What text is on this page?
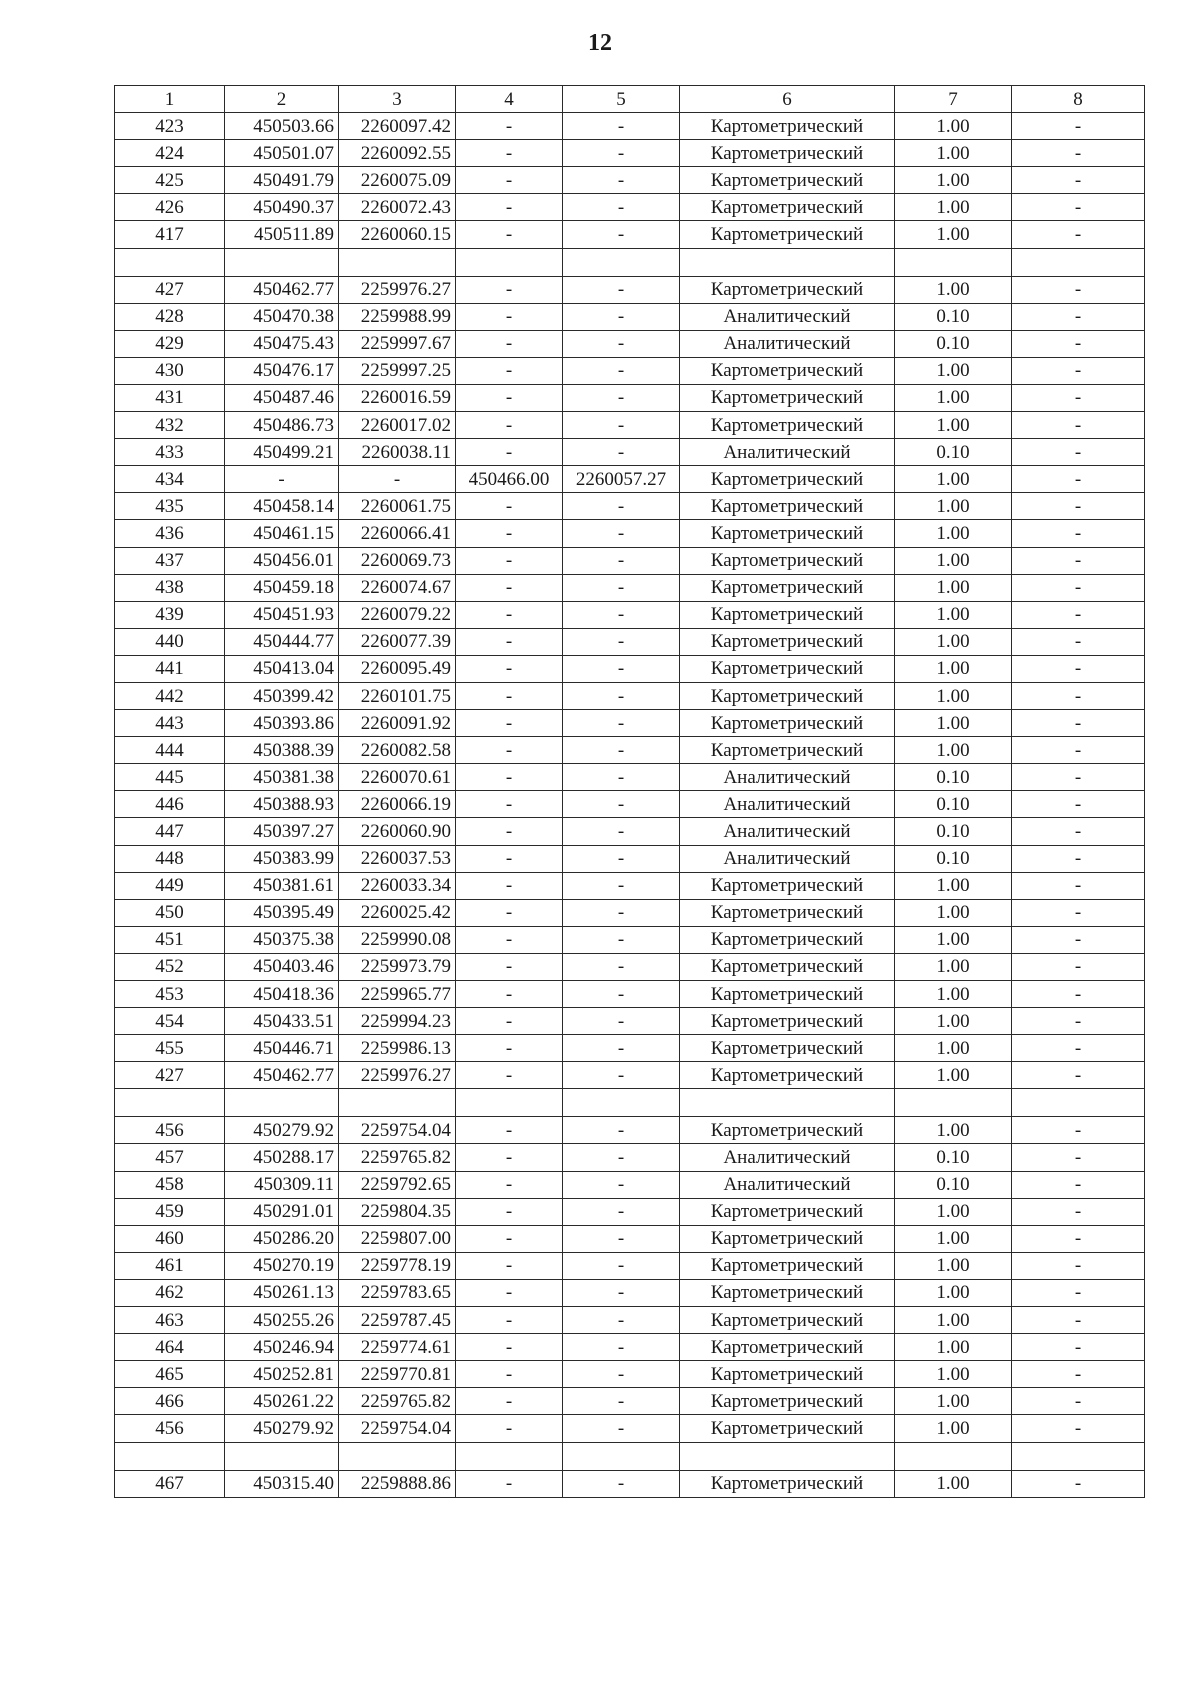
12
1	2	3	4	5	6	7	8
423	450503.66	2260097.42	-	-	Картометрический	1.00	-
424	450501.07	2260092.55	-	-	Картометрический	1.00	-
425	450491.79	2260075.09	-	-	Картометрический	1.00	-
426	450490.37	2260072.43	-	-	Картометрический	1.00	-
417	450511.89	2260060.15	-	-	Картометрический	1.00	-

427	450462.77	2259976.27	-	-	Картометрический	1.00	-
428	450470.38	2259988.99	-	-	Аналитический	0.10	-
429	450475.43	2259997.67	-	-	Аналитический	0.10	-
430	450476.17	2259997.25	-	-	Картометрический	1.00	-
431	450487.46	2260016.59	-	-	Картометрический	1.00	-
432	450486.73	2260017.02	-	-	Картометрический	1.00	-
433	450499.21	2260038.11	-	-	Аналитический	0.10	-
434	-	-	450466.00	2260057.27	Картометрический	1.00	-
435	450458.14	2260061.75	-	-	Картометрический	1.00	-
436	450461.15	2260066.41	-	-	Картометрический	1.00	-
437	450456.01	2260069.73	-	-	Картометрический	1.00	-
438	450459.18	2260074.67	-	-	Картометрический	1.00	-
439	450451.93	2260079.22	-	-	Картометрический	1.00	-
440	450444.77	2260077.39	-	-	Картометрический	1.00	-
441	450413.04	2260095.49	-	-	Картометрический	1.00	-
442	450399.42	2260101.75	-	-	Картометрический	1.00	-
443	450393.86	2260091.92	-	-	Картометрический	1.00	-
444	450388.39	2260082.58	-	-	Картометрический	1.00	-
445	450381.38	2260070.61	-	-	Аналитический	0.10	-
446	450388.93	2260066.19	-	-	Аналитический	0.10	-
447	450397.27	2260060.90	-	-	Аналитический	0.10	-
448	450383.99	2260037.53	-	-	Аналитический	0.10	-
449	450381.61	2260033.34	-	-	Картометрический	1.00	-
450	450395.49	2260025.42	-	-	Картометрический	1.00	-
451	450375.38	2259990.08	-	-	Картометрический	1.00	-
452	450403.46	2259973.79	-	-	Картометрический	1.00	-
453	450418.36	2259965.77	-	-	Картометрический	1.00	-
454	450433.51	2259994.23	-	-	Картометрический	1.00	-
455	450446.71	2259986.13	-	-	Картометрический	1.00	-
427	450462.77	2259976.27	-	-	Картометрический	1.00	-

456	450279.92	2259754.04	-	-	Картометрический	1.00	-
457	450288.17	2259765.82	-	-	Аналитический	0.10	-
458	450309.11	2259792.65	-	-	Аналитический	0.10	-
459	450291.01	2259804.35	-	-	Картометрический	1.00	-
460	450286.20	2259807.00	-	-	Картометрический	1.00	-
461	450270.19	2259778.19	-	-	Картометрический	1.00	-
462	450261.13	2259783.65	-	-	Картометрический	1.00	-
463	450255.26	2259787.45	-	-	Картометрический	1.00	-
464	450246.94	2259774.61	-	-	Картометрический	1.00	-
465	450252.81	2259770.81	-	-	Картометрический	1.00	-
466	450261.22	2259765.82	-	-	Картометрический	1.00	-
456	450279.92	2259754.04	-	-	Картометрический	1.00	-

467	450315.40	2259888.86	-	-	Картометрический	1.00	-
